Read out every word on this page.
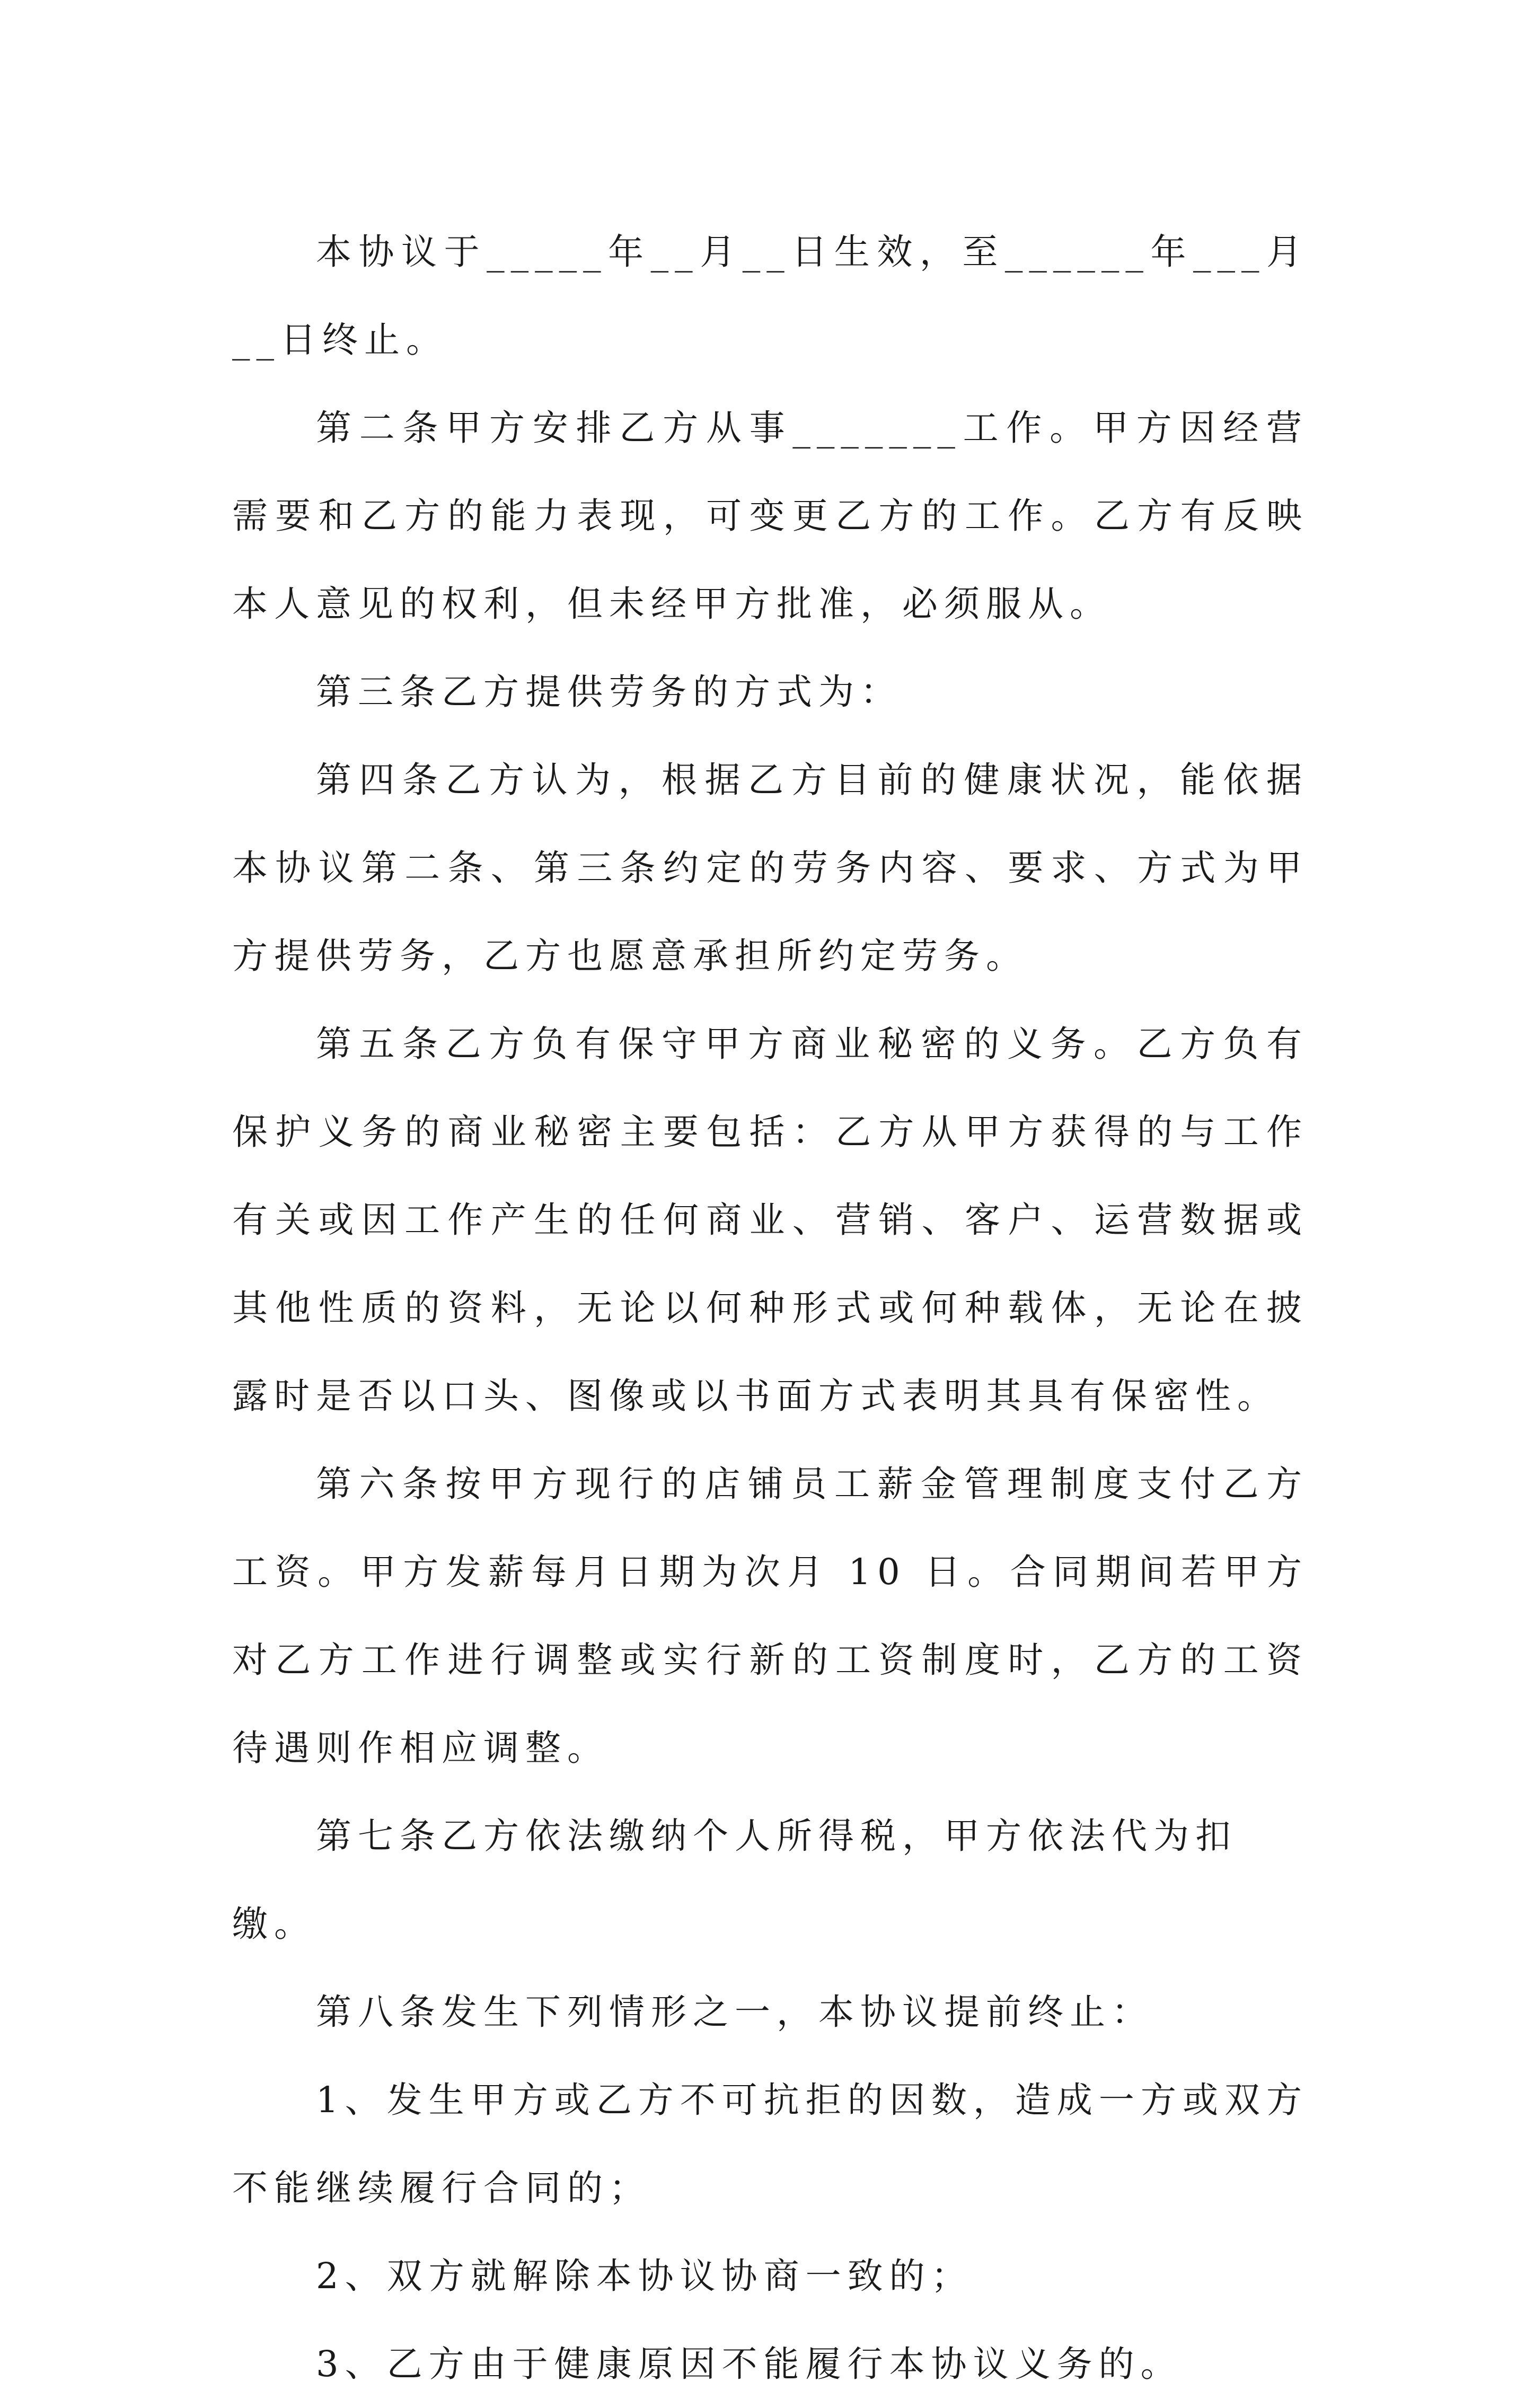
本协议于_____年__月__日生效，至______年___月__日终止。

第二条甲方安排乙方从事_______工作。甲方因经营需要和乙方的能力表现，可变更乙方的工作。乙方有反映本人意见的权利，但未经甲方批准，必须服从。

第三条乙方提供劳务的方式为：

第四条乙方认为，根据乙方目前的健康状况，能依据本协议第二条、第三条约定的劳务内容、要求、方式为甲方提供劳务，乙方也愿意承担所约定劳务。

第五条乙方负有保守甲方商业秘密的义务。乙方负有保护义务的商业秘密主要包括：乙方从甲方获得的与工作有关或因工作产生的任何商业、营销、客户、运营数据或其他性质的资料，无论以何种形式或何种载体，无论在披露时是否以口头、图像或以书面方式表明其具有保密性。

第六条按甲方现行的店铺员工薪金管理制度支付乙方工资。甲方发薪每月日期为次月 10 日。合同期间若甲方对乙方工作进行调整或实行新的工资制度时，乙方的工资待遇则作相应调整。

第七条乙方依法缴纳个人所得税，甲方依法代为扣缴。

第八条发生下列情形之一，本协议提前终止：

1、发生甲方或乙方不可抗拒的因数，造成一方或双方不能继续履行合同的；

2、双方就解除本协议协商一致的；

3、乙方由于健康原因不能履行本协议义务的。
